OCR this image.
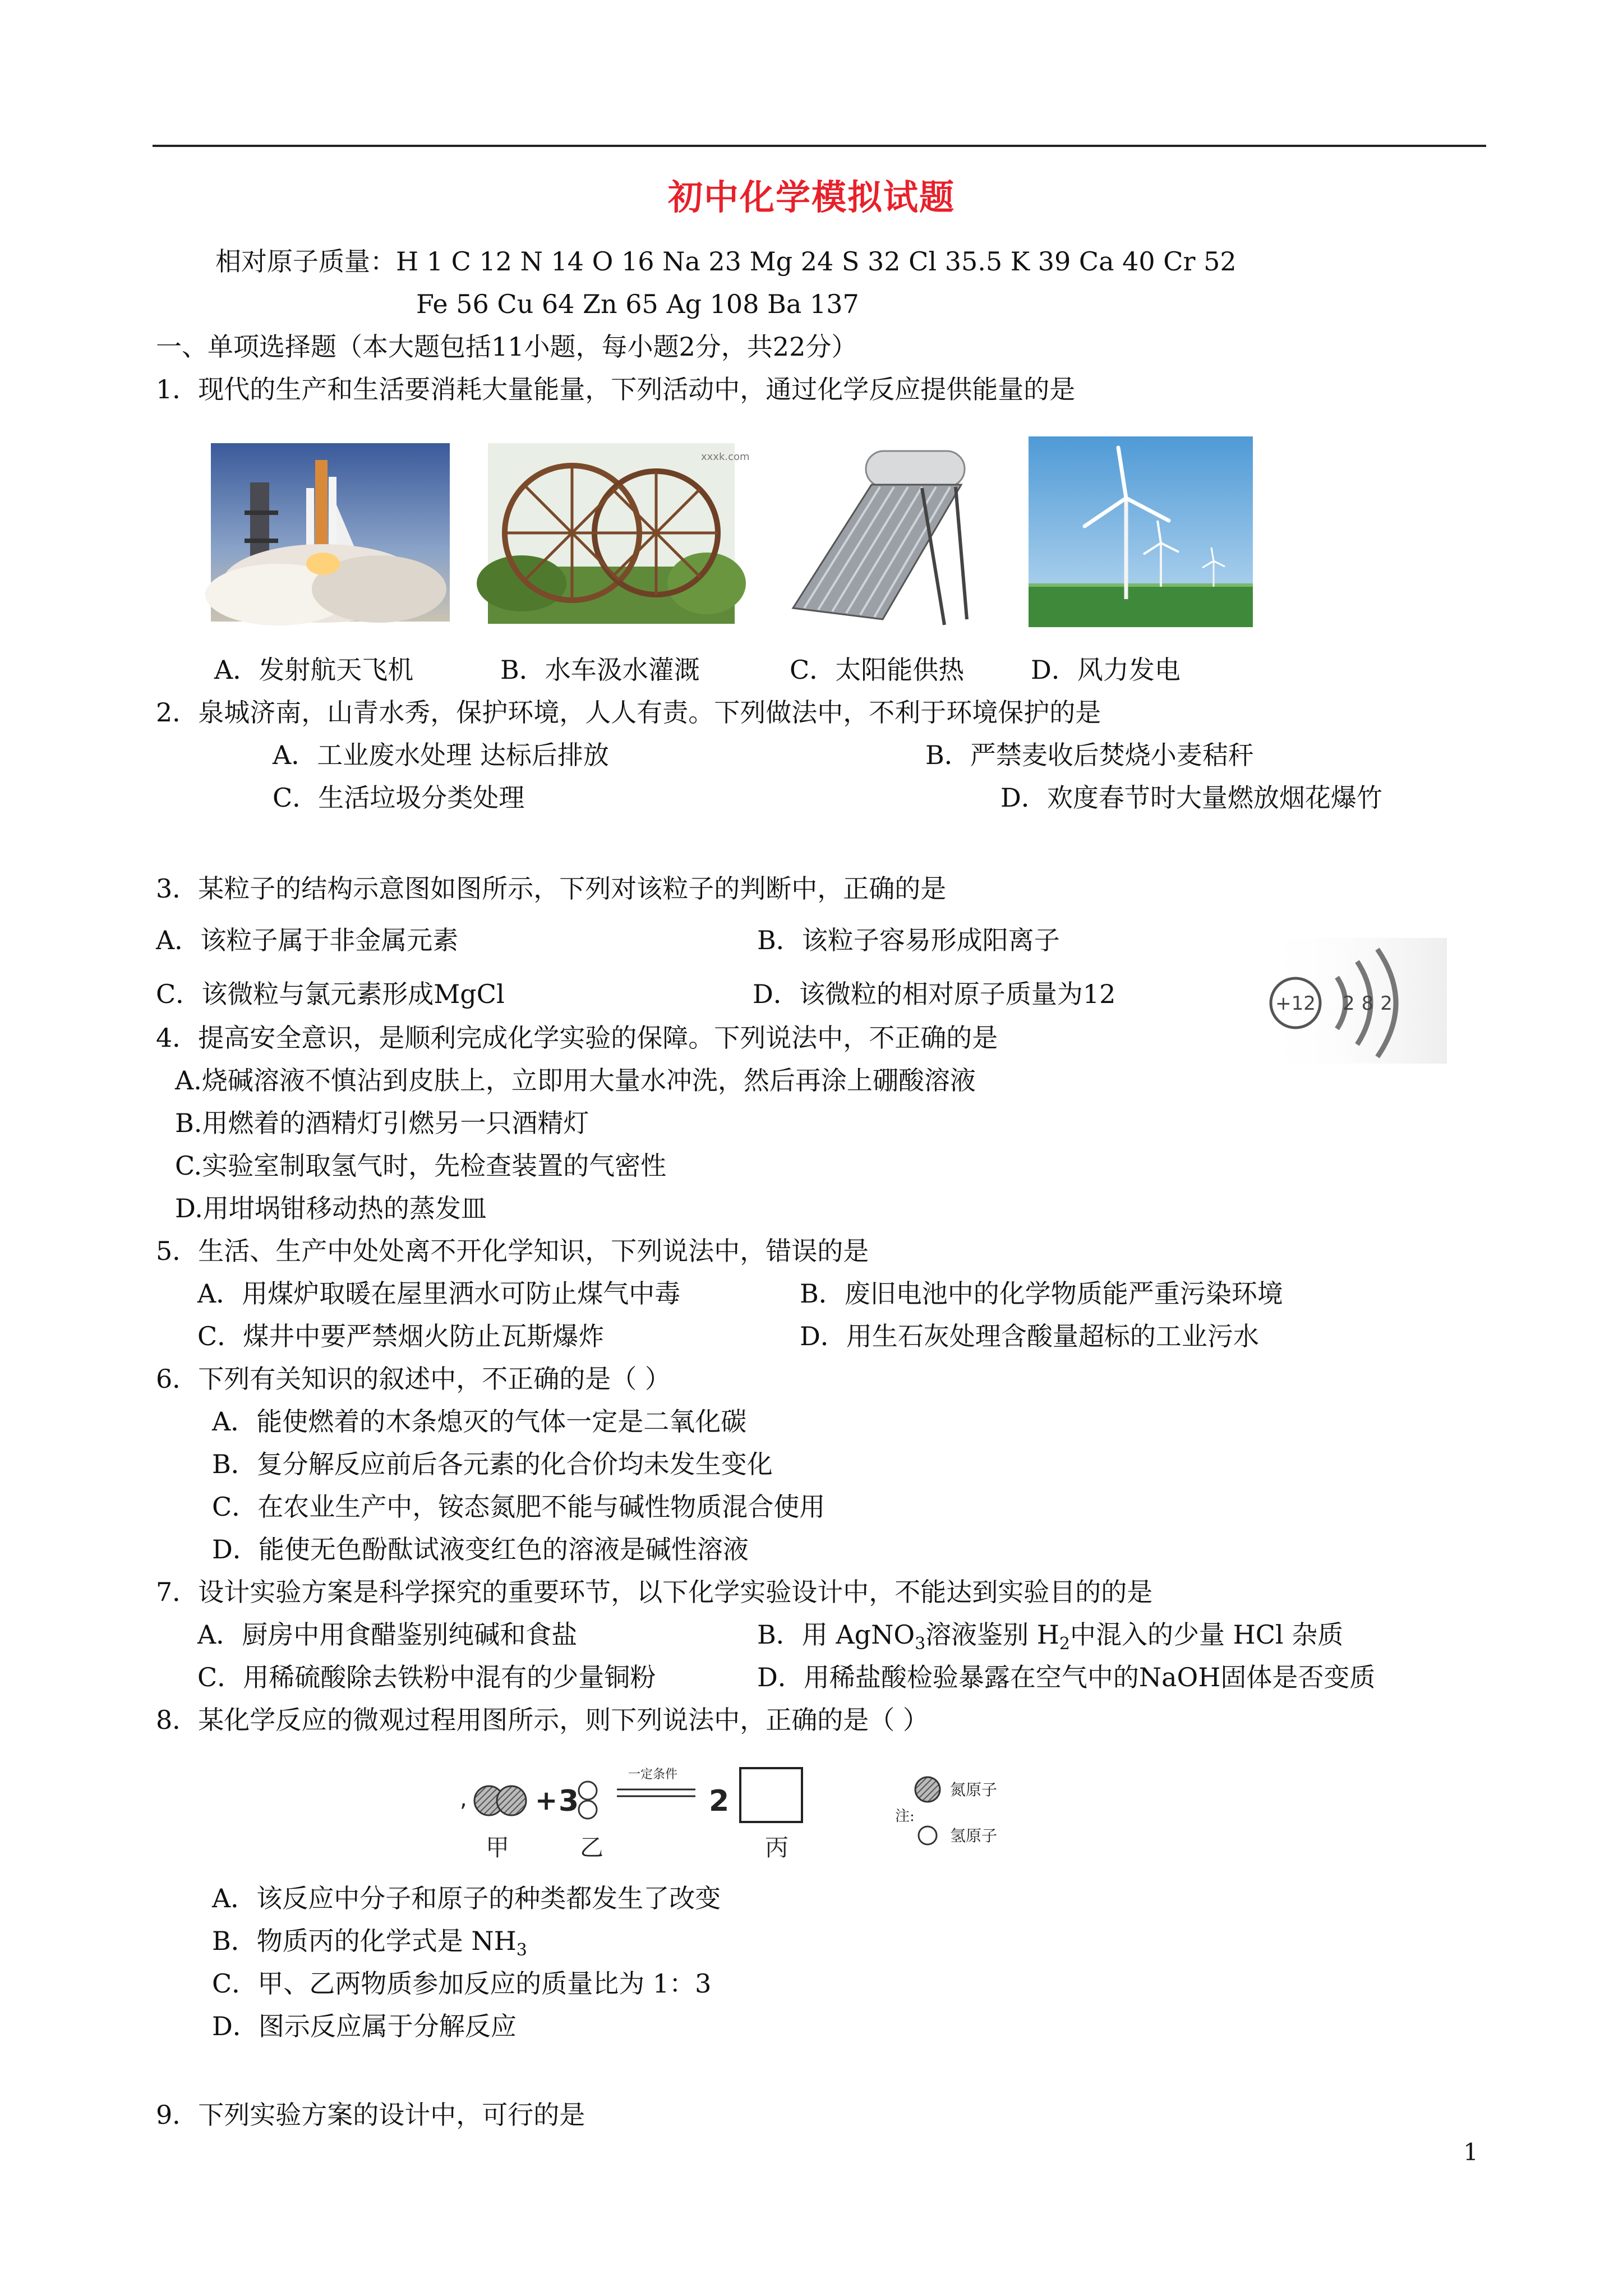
初中化学模拟试题
相对原子质量：H 1 C 12 N 14 O 16 Na 23 Mg 24 S 32 Cl 35.5 K 39 Ca 40 Cr 52
Fe 56 Cu 64 Zn 65 Ag 108 Ba 137
一、单项选择题（本大题包括11小题，每小题2分，共22分）
1．现代的生产和生活要消耗大量能量，下列活动中，通过化学反应提供能量的是
xxxk.com
A．发射航天飞机	B．水车汲水灌溉	C．太阳能供热	D．风力发电
2．泉城济南，山青水秀，保护环境，人人有责。下列做法中，不利于环境保护的是
A．工业废水处理 达标后排放	B．严禁麦收后焚烧小麦秸秆
C．生活垃圾分类处理	D．欢度春节时大量燃放烟花爆竹
3．某粒子的结构示意图如图所示，下列对该粒子的判断中，正确的是
A．该粒子属于非金属元素	B．该粒子容易形成阳离子
C．该微粒与氯元素形成MgCl	D．该微粒的相对原子质量为12	+12 282
4．提高安全意识，是顺利完成化学实验的保障。下列说法中，不正确的是
A.烧碱溶液不慎沾到皮肤上，立即用大量水冲洗，然后再涂上硼酸溶液
B.用燃着的酒精灯引燃另一只酒精灯
C.实验室制取氢气时，先检查装置的气密性
D.用坩埚钳移动热的蒸发皿
5．生活、生产中处处离不开化学知识，下列说法中，错误的是
A．用煤炉取暖在屋里洒水可防止煤气中毒	B．废旧电池中的化学物质能严重污染环境
C．煤井中要严禁烟火防止瓦斯爆炸	D．用生石灰处理含酸量超标的工业污水
6．下列有关知识的叙述中，不正确的是（ ）
A．能使燃着的木条熄灭的气体一定是二氧化碳
B．复分解反应前后各元素的化合价均未发生变化
C．在农业生产中，铵态氮肥不能与碱性物质混合使用
D．能使无色酚酞试液变红色的溶液是碱性溶液
7．设计实验方案是科学探究的重要环节，以下化学实验设计中，不能达到实验目的的是
A．厨房中用食醋鉴别纯碱和食盐	B．用 AgNO$_3$溶液鉴别 $H_2$中混入的少量 HCl 杂质
C．用稀硫酸除去铁粉中混有的少量铜粉	D．用稀盐酸检验暴露在空气中的NaOH固体是否变质
8．某化学反应的微观过程用图所示，则下列说法中，正确的是（ ）
,	+ 3
一定条件
2
甲	乙	丙
氮原子
注:
氢原子
A．该反应中分子和原子的种类都发生了改变
B．物质丙的化学式是 $NH_3$
C．甲、乙两物质参加反应的质量比为 1：3
D．图示反应属于分解反应
9．下列实验方案的设计中，可行的是
1
